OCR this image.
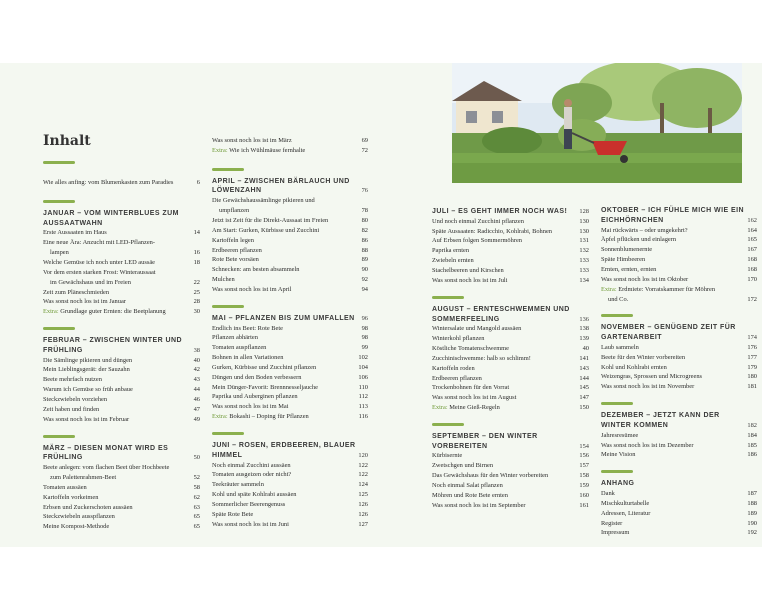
Inhalt
Wie alles anfing: vom Blumenkasten zum Paradies	6
JANUAR – VOM WINTERBLUES ZUM AUSSAATWAHN
Erste Aussaaten im Haus	14
Eine neue Ära: Anzucht mit LED-Pflanzen-
lampen	16
Welche Gemüse ich noch unter LED aussäe	18
Vor dem ersten starken Frost: Winteraussaat
im Gewächshaus und im Freien	22
Zeit zum Pläneschmieden	25
Was sonst noch los ist im Januar	28
Extra: Grundlage guter Ernten: die Beetplanung	30
FEBRUAR – ZWISCHEN WINTER UND FRÜHLING	38
Die Sämlinge pikieren und düngen	40
Mein Lieblingsgerät: der Sauzahn	42
Beete mehrfach nutzen	43
Warum ich Gemüse so früh anbaue	44
Steckzwiebeln vorziehen	46
Zeit haben und finden	47
Was sonst noch los ist im Februar	49
MÄRZ – DIESEN MONAT WIRD ES FRÜHLING	50
Beete anlegen: vom flachen Beet über Hochbeete
zum Palettenrahmen-Beet	52
Tomaten aussäen	58
Kartoffeln vorkeimen	62
Erbsen und Zuckerschoten aussäen	63
Steckzwiebeln ausspflanzen	65
Meine Kompost-Methode	65
Was sonst noch los ist im März	69
Extra: Wie ich Wühlmäuse fernhalte	72
APRIL – ZWISCHEN BÄRLAUCH UND LÖWENZAHN	76
Die Gewächshaussämlinge pikieren und
umpflanzen	78
Jetzt ist Zeit für die Direkt-Aussaat im Freien	80
Am Start: Gurken, Kürbisse und Zucchini	82
Kartoffeln legen	86
Erdbeeren pflanzen	88
Rote Bete vorsäen	89
Schnecken: am besten absammeln	90
Mulchen	92
Was sonst noch los ist im April	94
MAI – PFLANZEN BIS ZUM UMFALLEN 96
Endlich ins Beet: Rote Bete	98
Pflanzen abhärten	98
Tomaten auspflanzen	99
Bohnen in allen Variationen	102
Gurken, Kürbisse und Zucchini pflanzen	104
Düngen und den Boden verbessern	106
Mein Dünger-Favorit: Brennnesseljauche	110
Paprika und Auberginen pflanzen	112
Was sonst noch los ist im Mai	113
Extra: Bokashi – Doping für Pflanzen	116
JUNI – ROSEN, ERDBEEREN, BLAUER HIMMEL	120
Noch einmal Zucchini aussäen	122
Tomaten ausgeizen oder nicht?	122
Teekräuter sammeln	124
Kohl und späte Kohlrabi aussäen	125
Sommerlicher Beerengenuss	126
Späte Rote Bete	126
Was sonst noch los ist im Juni	127
JULI – ES GEHT IMMER NOCH WAS! 128
Und noch einmal Zucchini pflanzen	130
Späte Aussaaten: Radicchio, Kohlrabi, Bohnen	130
Auf Erbsen folgen Sommermöhren	131
Paprika ernten	132
Zwiebeln ernten	133
Stachelbeeren und Kirschen	133
Was sonst noch los ist im Juli	134
AUGUST – ERNTESCHWEMMEN UND SOMMERFEELING	136
Wintersalate und Mangold aussäen	138
Winterkohl pflanzen	139
Köstliche Tomatenschwemme	40
Zucchinischwemme: halb so schlimm!	141
Kartoffeln roden	143
Erdbeeren pflanzen	144
Trockenbohnen für den Vorrat	145
Was sonst noch los ist im August	147
Extra: Meine Gieß-Regeln	150
SEPTEMBER – DEN WINTER VORBEREITEN	154
Kürbisernte	156
Zwetschgen und Birnen	157
Das Gewächshaus für den Winter vorbereiten	158
Noch einmal Salat pflanzen	159
Möhren und Rote Bete ernten	160
Was sonst noch los ist im September	161
OKTOBER – ICH FÜHLE MICH WIE EIN EICHHÖRNCHEN	162
Mai rückwärts – oder umgekehrt?	164
Äpfel pflücken und einlagern	165
Sonnenblumenernte	167
Späte Himbeeren	168
Ernten, ernten, ernten	168
Was sonst noch los ist im Oktober	170
Extra: Erdmiete: Vorratskammer für Möhren
und Co.	172
NOVEMBER – GENÜGEND ZEIT FÜR GARTENARBEIT	174
Laub sammeln	176
Beete für den Winter vorbereiten	177
Kohl und Kohlrabi ernten	179
Weizengras, Sprossen und Microgreens	180
Was sonst noch los ist im November	181
DEZEMBER – JETZT KANN DER WINTER KOMMEN	182
Jahresresümee	184
Was sonst noch los ist im Dezember	185
Meine Vision	186
ANHANG
Dank	187
Mischkulturtabelle	188
Adressen, Literatur	189
Register	190
Impressum	192
